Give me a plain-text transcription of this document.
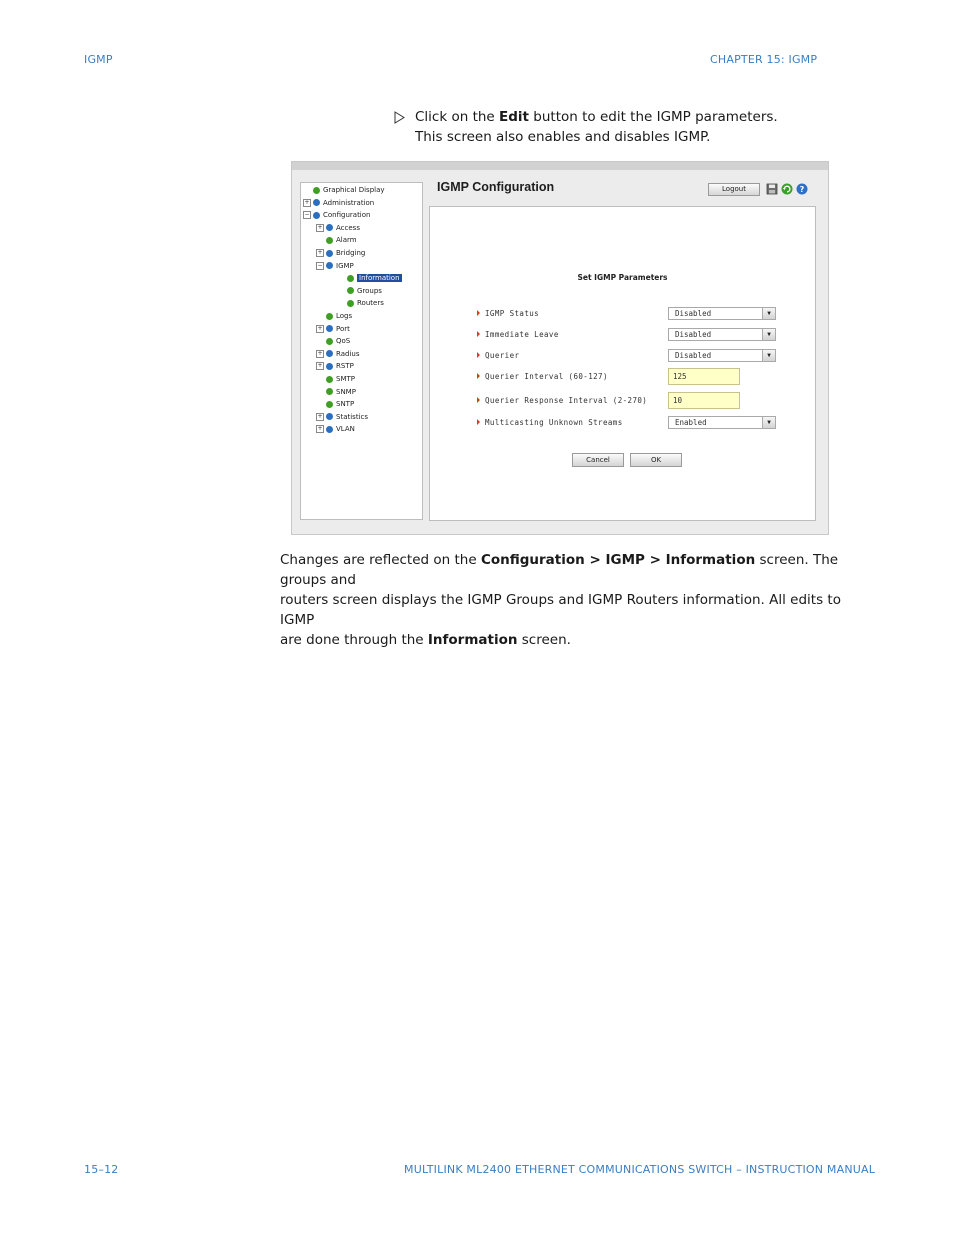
IGMP	CHAPTER 15: IGMP
Click on the Edit button to edit the IGMP parameters.
This screen also enables and disables IGMP.
Graphical Display
+ Administration
− Configuration
+ Access
Alarm
+ Bridging
− IGMP
Information
Groups
Routers
Logs
+ Port
QoS
+ Radius
+ RSTP
SMTP
SNMP
SNTP
+ Statistics
+ VLAN
IGMP Configuration	Logout	?
Set IGMP Parameters
IGMP Status	Disabled	▼
Immediate Leave	Disabled	▼
Querier	Disabled	▼
Querier Interval (60-127)	125
Querier Response Interval (2-270)	10
Multicasting Unknown Streams	Enabled	▼
Cancel	OK
Changes are reflected on the Configuration > IGMP > Information screen. The groups and
routers screen displays the IGMP Groups and IGMP Routers information. All edits to IGMP
are done through the Information screen.
15–12	MULTILINK ML2400 ETHERNET COMMUNICATIONS SWITCH – INSTRUCTION MANUAL
